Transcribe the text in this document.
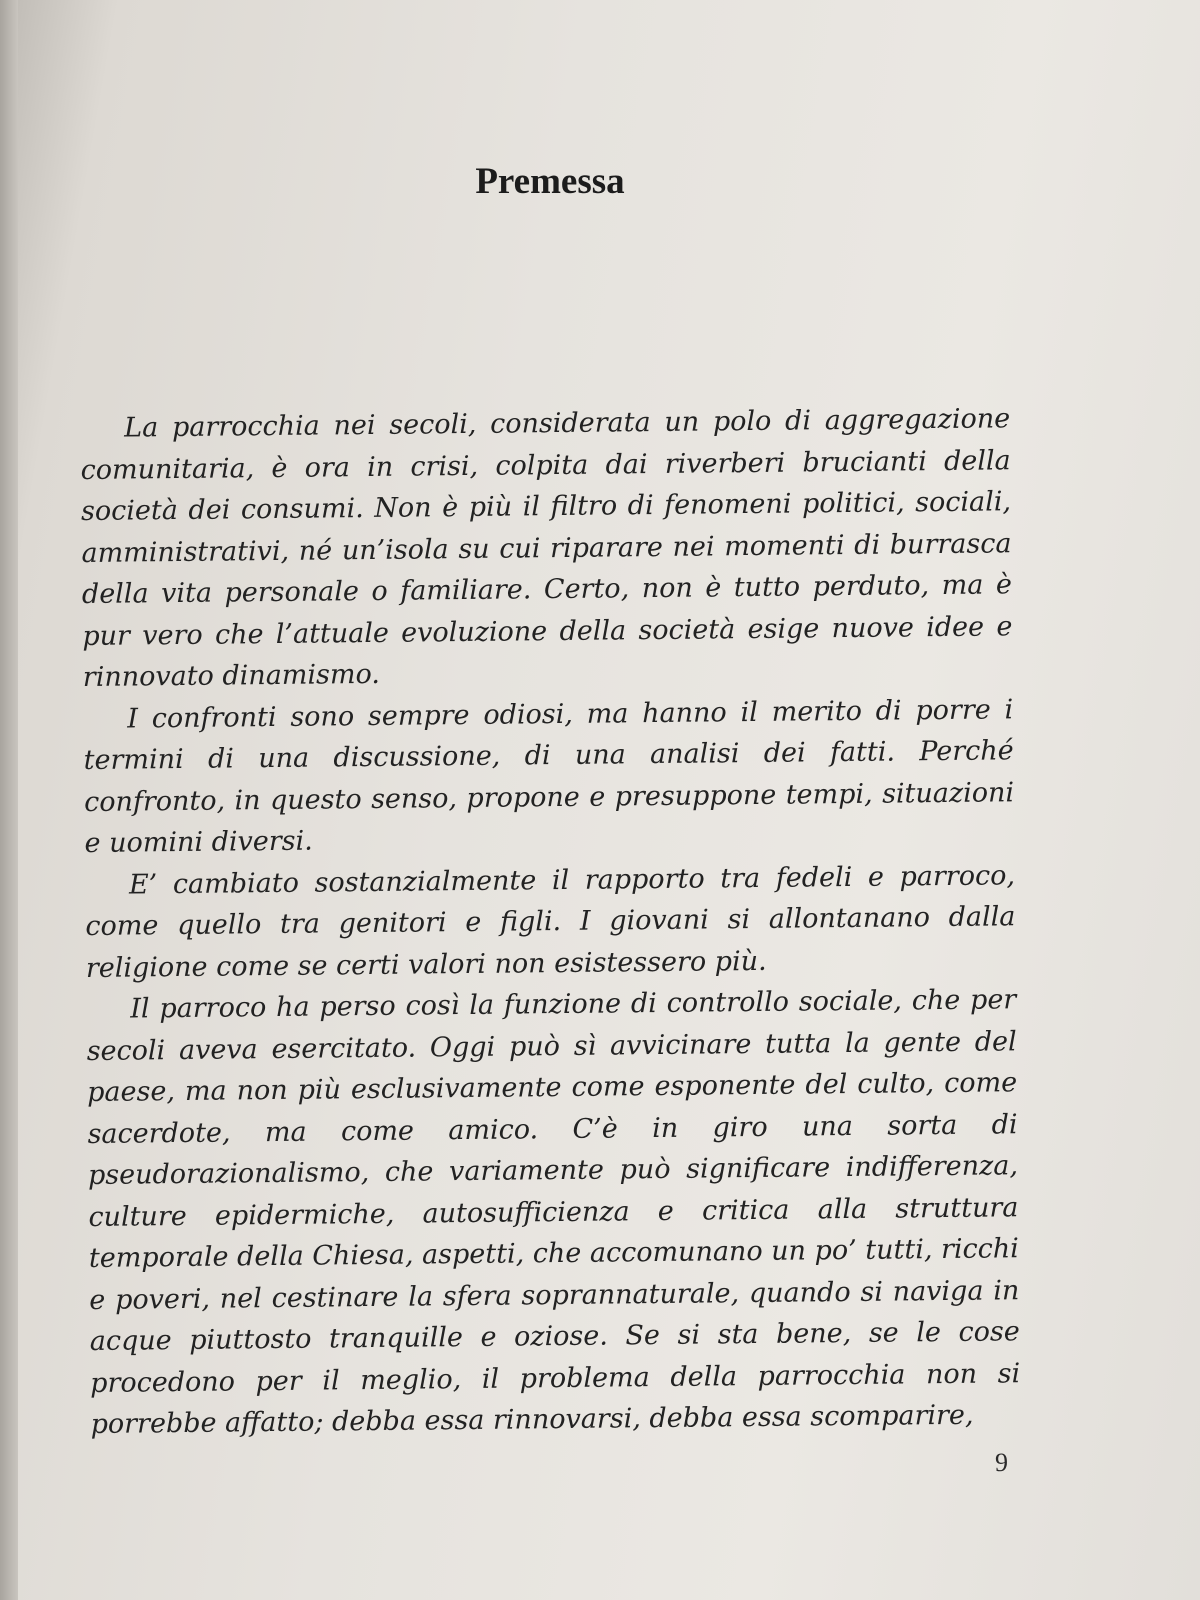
Premessa

La parrocchia nei secoli, considerata un polo di aggregazione comunitaria, è ora in crisi, colpita dai riverberi brucianti della società dei consumi. Non è più il filtro di fenomeni politici, sociali, amministrativi, né un’isola su cui riparare nei momenti di burrasca della vita personale o familiare. Certo, non è tutto perduto, ma è pur vero che l’attuale evoluzione della società esige nuove idee e rinnovato dinamismo.

I confronti sono sempre odiosi, ma hanno il merito di porre i termini di una discussione, di una analisi dei fatti. Perché confronto, in questo senso, propone e presuppone tempi, situazioni e uomini diversi.

E’ cambiato sostanzialmente il rapporto tra fedeli e parroco, come quello tra genitori e figli. I giovani si allontanano dalla religione come se certi valori non esistessero più.

Il parroco ha perso così la funzione di controllo sociale, che per secoli aveva esercitato. Oggi può sì avvicinare tutta la gente del paese, ma non più esclusivamente come esponente del culto, come sacerdote, ma come amico. C’è in giro una sorta di pseudorazionalismo, che variamente può significare indifferenza, culture epidermiche, autosufficienza e critica alla struttura temporale della Chiesa, aspetti, che accomunano un po’ tutti, ricchi e poveri, nel cestinare la sfera soprannaturale, quando si naviga in acque piuttosto tranquille e oziose. Se si sta bene, se le cose procedono per il meglio, il problema della parrocchia non si porrebbe affatto; debba essa rinnovarsi, debba essa scomparire,

9
